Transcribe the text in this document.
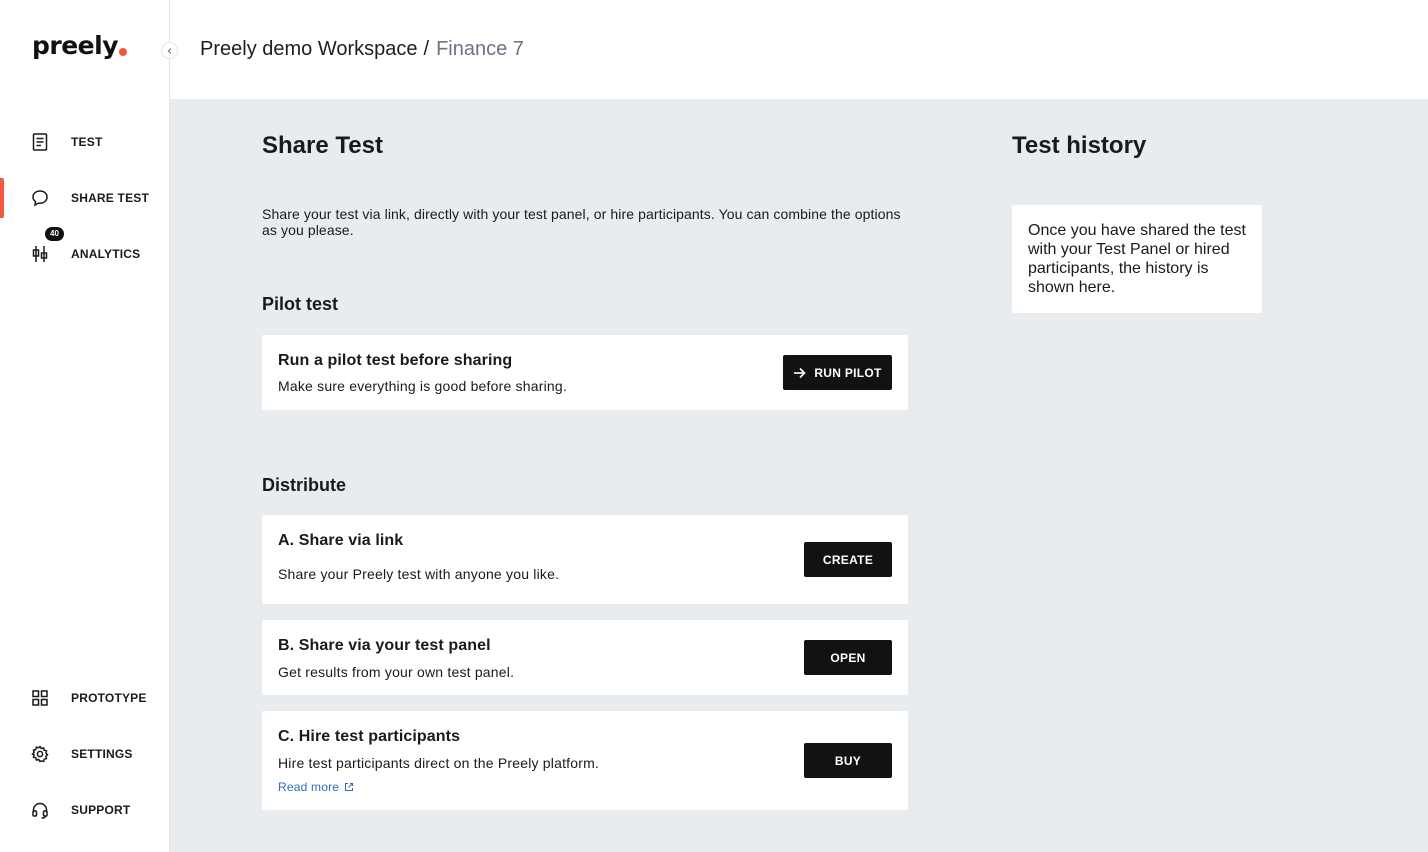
preely
TEST
SHARE TEST
40
ANALYTICS
PROTOTYPE
SETTINGS
SUPPORT
Preely demo Workspace / Finance 7
Share Test

Share your test via link, directly with your test panel, or hire participants. You can combine the options as you please.

Pilot test
Run a pilot test before sharing
Make sure everything is good before sharing.
RUN PILOT
Distribute
A. Share via link
Share your Preely test with anyone you like.
CREATE
B. Share via your test panel
Get results from your own test panel.
OPEN
C. Hire test participants
Hire test participants direct on the Preely platform.
Read more
BUY
Test history

Once you have shared the test with your Test Panel or hired participants, the history is shown here.
